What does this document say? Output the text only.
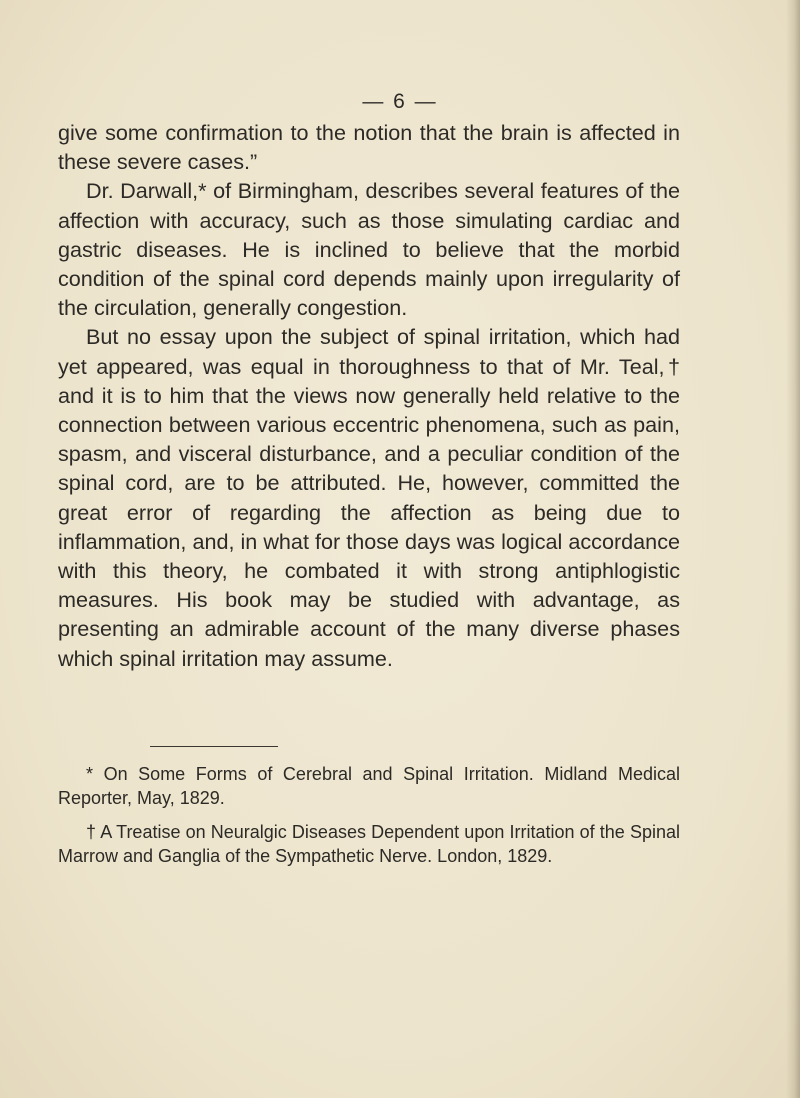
— 6 —

give some confirmation to the notion that the brain is affected in these severe cases.”

Dr. Darwall,* of Birmingham, describes several features of the affection with accuracy, such as those simulating cardiac and gastric diseases. He is inclined to believe that the morbid condition of the spinal cord depends mainly upon irregularity of the circulation, generally congestion.

But no essay upon the subject of spinal irritation, which had yet appeared, was equal in thoroughness to that of Mr. Teal,† and it is to him that the views now generally held relative to the connection between various eccentric phenomena, such as pain, spasm, and visceral disturbance, and a peculiar condition of the spinal cord, are to be attributed. He, however, committed the great error of regarding the affection as being due to inflammation, and, in what for those days was logical accordance with this theory, he combated it with strong antiphlogistic measures. His book may be studied with advantage, as presenting an admirable account of the many diverse phases which spinal irritation may assume.

* On Some Forms of Cerebral and Spinal Irritation. Midland Medical Reporter, May, 1829.

† A Treatise on Neuralgic Diseases Dependent upon Irritation of the Spinal Marrow and Ganglia of the Sympathetic Nerve. London, 1829.
